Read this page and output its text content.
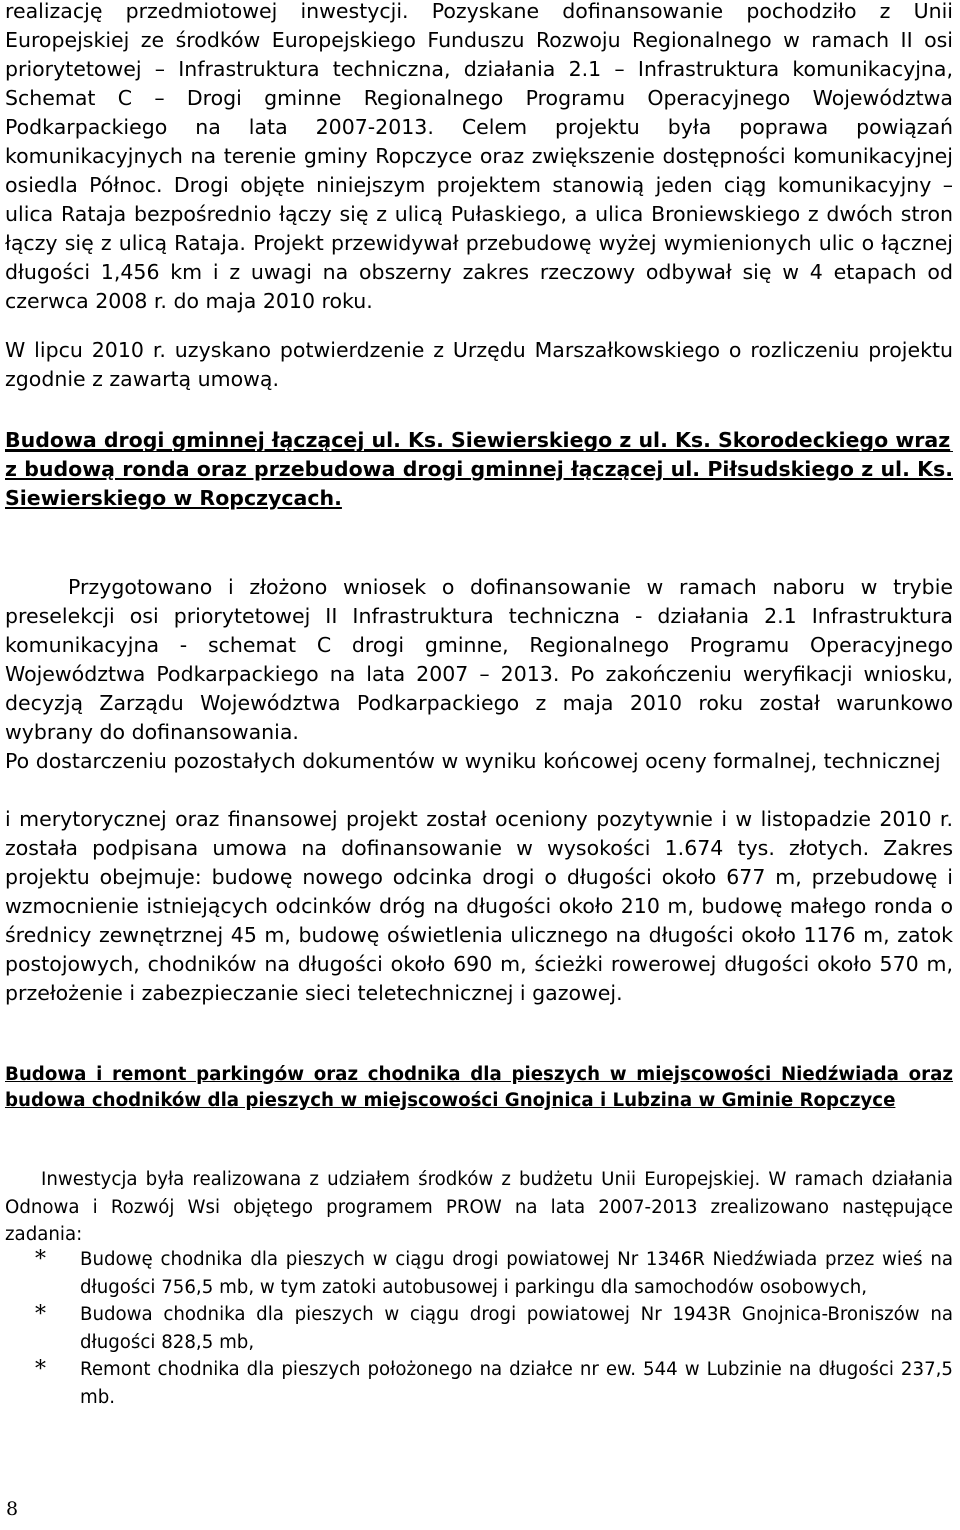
realizację przedmiotowej inwestycji. Pozyskane dofinansowanie pochodziło z Unii Europejskiej ze środków Europejskiego Funduszu Rozwoju Regionalnego w ramach II osi priorytetowej – Infrastruktura techniczna, działania 2.1 – Infrastruktura komunikacyjna, Schemat C – Drogi gminne Regionalnego Programu Operacyjnego Województwa Podkarpackiego na lata 2007-2013. Celem projektu była poprawa powiązań komunikacyjnych na terenie gminy Ropczyce oraz zwiększenie dostępności komunikacyjnej osiedla Północ. Drogi objęte niniejszym projektem stanowią jeden ciąg komunikacyjny – ulica Rataja bezpośrednio łączy się z ulicą Pułaskiego, a ulica Broniewskiego z dwóch stron łączy się z ulicą Rataja. Projekt przewidywał przebudowę wyżej wymienionych ulic o łącznej długości 1,456 km i z uwagi na obszerny zakres rzeczowy odbywał się w 4 etapach od czerwca 2008 r. do maja 2010 roku.

W lipcu 2010 r. uzyskano potwierdzenie z Urzędu Marszałkowskiego o rozliczeniu projektu zgodnie z zawartą umową.

Budowa drogi gminnej łączącej ul. Ks. Siewierskiego z ul. Ks. Skorodeckiego wraz
z budową ronda oraz przebudowa drogi gminnej łączącej ul. Piłsudskiego z ul. Ks. Siewierskiego w Ropczycach.

Przygotowano i złożono wniosek o dofinansowanie w ramach naboru w trybie preselekcji osi priorytetowej II Infrastruktura techniczna - działania 2.1 Infrastruktura komunikacyjna - schemat C drogi gminne, Regionalnego Programu Operacyjnego Województwa Podkarpackiego na lata 2007 – 2013. Po zakończeniu weryfikacji wniosku, decyzją Zarządu Województwa Podkarpackiego z maja 2010 roku został warunkowo wybrany do dofinansowania.

Po dostarczeniu pozostałych dokumentów w wyniku końcowej oceny formalnej, technicznej

i merytorycznej oraz finansowej projekt został oceniony pozytywnie i w listopadzie 2010 r. została podpisana umowa na dofinansowanie w wysokości 1.674 tys. złotych. Zakres projektu obejmuje: budowę nowego odcinka drogi o długości około 677 m, przebudowę i wzmocnienie istniejących odcinków dróg na długości około 210 m, budowę małego ronda o średnicy zewnętrznej 45 m, budowę oświetlenia ulicznego na długości około 1176 m, zatok postojowych, chodników na długości około 690 m, ścieżki rowerowej długości około 570 m, przełożenie i zabezpieczanie sieci teletechnicznej i gazowej.

Budowa i remont parkingów oraz chodnika dla pieszych w miejscowości Niedźwiada oraz budowa chodników dla pieszych w miejscowości Gnojnica i Lubzina w Gminie Ropczyce

Inwestycja była realizowana z udziałem środków z budżetu Unii Europejskiej. W ramach działania Odnowa i Rozwój Wsi objętego programem PROW na lata 2007-2013 zrealizowano następujące zadania:

* Budowę chodnika dla pieszych w ciągu drogi powiatowej Nr 1346R Niedźwiada przez wieś na długości 756,5 mb, w tym zatoki autobusowej i parkingu dla samochodów osobowych,
* Budowa chodnika dla pieszych w ciągu drogi powiatowej Nr 1943R Gnojnica-Broniszów na długości 828,5 mb,
* Remont chodnika dla pieszych położonego na działce nr ew. 544 w Lubzinie na długości 237,5 mb.
8
